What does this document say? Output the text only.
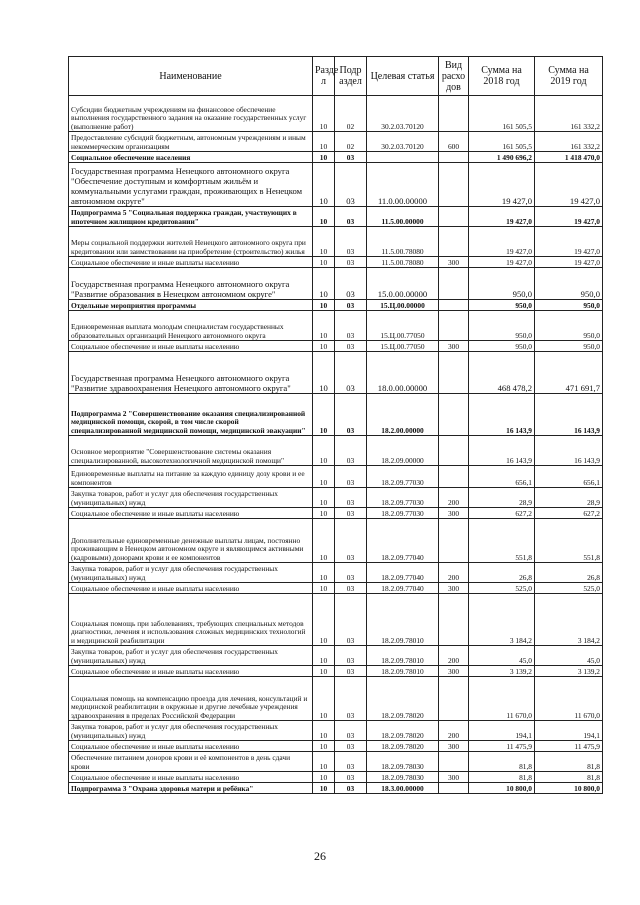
Наименование	Разде л	Подр аздел	Целевая статья	Вид расхо дов	Сумма на 2018 год	Сумма на 2019 год
Субсидии бюджетным учреждениям на финансовое обеспечение выполнения государственного задания на оказание государственных услуг (выполнение работ)	10	02	30.2.03.70120		161 505,5	161 332,2
Предоставление субсидий бюджетным, автономным учреждениям и иным некоммерческим организациям	10	02	30.2.03.70120	600	161 505,5	161 332,2
Социальное обеспечение населения	10	03			1 490 696,2	1 418 470,0
Государственная программа Ненецкого автономного округа "Обеспечение доступным и комфортным жильём и коммунальными услугами граждан, проживающих в Ненецком автономном округе"	10	03	11.0.00.00000		19 427,0	19 427,0
Подпрограмма 5 "Социальная поддержка граждан, участвующих в ипотечном жилищном кредитовании"	10	03	11.5.00.00000		19 427,0	19 427,0
Меры социальной поддержки жителей Ненецкого автономного округа при кредитовании или заимствовании на приобретение (строительство) жилья	10	03	11.5.00.78080		19 427,0	19 427,0
Социальное обеспечение и иные выплаты населению	10	03	11.5.00.78080	300	19 427,0	19 427,0
Государственная программа Ненецкого автономного округа "Развитие образования в Ненецком автономном округе"	10	03	15.0.00.00000		950,0	950,0
Отдельные мероприятия программы	10	03	15.Ц.00.00000		950,0	950,0
Единовременная выплата молодым специалистам государственных образовательных организаций Ненецкого автономного округа	10	03	15.Ц.00.77050		950,0	950,0
Социальное обеспечение и иные выплаты населению	10	03	15.Ц.00.77050	300	950,0	950,0
Государственная программа Ненецкого автономного округа "Развитие здравоохранения Ненецкого автономного округа"	10	03	18.0.00.00000		468 478,2	471 691,7
Подпрограмма 2 "Совершенствование оказания специализированной медицинской помощи, скорой, в том числе скорой специализированной медицинской помощи, медицинской эвакуации"	10	03	18.2.00.00000		16 143,9	16 143,9
Основное мероприятие "Совершенствование системы оказания специализированной, высокотехнологичной медицинской помощи"	10	03	18.2.09.00000		16 143,9	16 143,9
Единовременные выплаты на питание за каждую единицу дозу крови и ее компонентов	10	03	18.2.09.77030		656,1	656,1
Закупка товаров, работ и услуг для обеспечения государственных (муниципальных) нужд	10	03	18.2.09.77030	200	28,9	28,9
Социальное обеспечение и иные выплаты населению	10	03	18.2.09.77030	300	627,2	627,2
Дополнительные единовременные денежные выплаты лицам, постоянно проживающим в Ненецком автономном округе и являющимся активными (кадровыми) донорами крови и ее компонентов	10	03	18.2.09.77040		551,8	551,8
Закупка товаров, работ и услуг для обеспечения государственных (муниципальных) нужд	10	03	18.2.09.77040	200	26,8	26,8
Социальное обеспечение и иные выплаты населению	10	03	18.2.09.77040	300	525,0	525,0
Социальная помощь при заболеваниях, требующих специальных методов диагностики, лечения и использования сложных медицинских технологий и медицинской реабилитации	10	03	18.2.09.78010		3 184,2	3 184,2
Закупка товаров, работ и услуг для обеспечения государственных (муниципальных) нужд	10	03	18.2.09.78010	200	45,0	45,0
Социальное обеспечение и иные выплаты населению	10	03	18.2.09.78010	300	3 139,2	3 139,2
Социальная помощь на компенсацию проезда для лечения, консультаций и медицинской реабилитации в окружные и другие лечебные учреждения здравоохранения в пределах Российской Федерации	10	03	18.2.09.78020		11 670,0	11 670,0
Закупка товаров, работ и услуг для обеспечения государственных (муниципальных) нужд	10	03	18.2.09.78020	200	194,1	194,1
Социальное обеспечение и иные выплаты населению	10	03	18.2.09.78020	300	11 475,9	11 475,9
Обеспечение питанием доноров крови и её компонентов в день сдачи крови	10	03	18.2.09.78030		81,8	81,8
Социальное обеспечение и иные выплаты населению	10	03	18.2.09.78030	300	81,8	81,8
Подпрограмма 3 "Охрана здоровья матери и ребёнка"	10	03	18.3.00.00000		10 800,0	10 800,0
26
